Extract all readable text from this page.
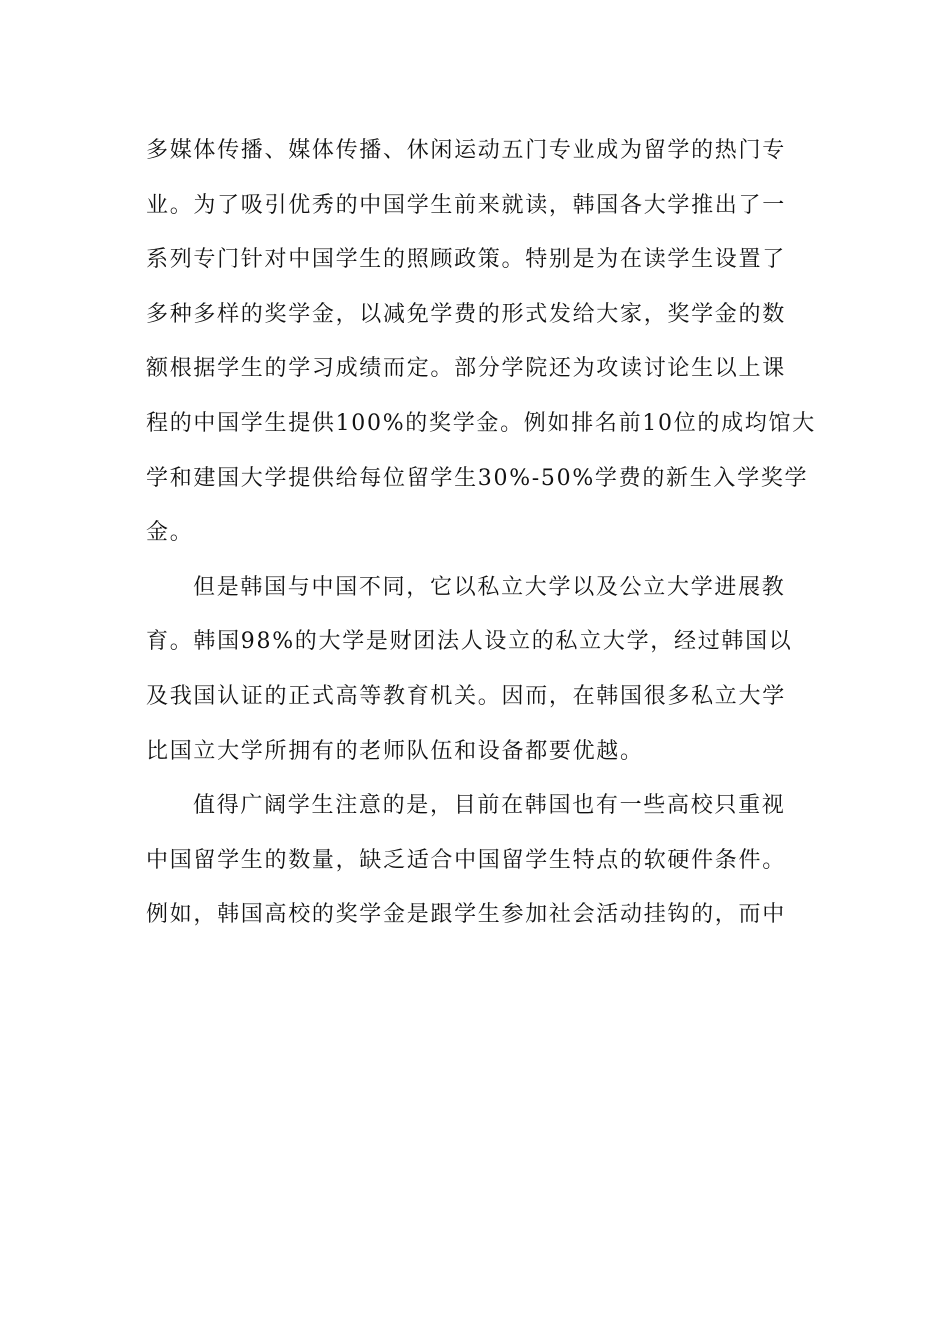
多媒体传播、媒体传播、休闲运动五门专业成为留学的热门专
业。为了吸引优秀的中国学生前来就读，韩国各大学推出了一
系列专门针对中国学生的照顾政策。特别是为在读学生设置了
多种多样的奖学金，以减免学费的形式发给大家，奖学金的数
额根据学生的学习成绩而定。部分学院还为攻读讨论生以上课
程的中国学生提供100%的奖学金。例如排名前10位的成均馆大
学和建国大学提供给每位留学生30%-50%学费的新生入学奖学
金。
但是韩国与中国不同，它以私立大学以及公立大学进展教
育。韩国98%的大学是财团法人设立的私立大学，经过韩国以
及我国认证的正式高等教育机关。因而，在韩国很多私立大学
比国立大学所拥有的老师队伍和设备都要优越。
值得广阔学生注意的是，目前在韩国也有一些高校只重视
中国留学生的数量，缺乏适合中国留学生特点的软硬件条件。
例如，韩国高校的奖学金是跟学生参加社会活动挂钩的，而中
